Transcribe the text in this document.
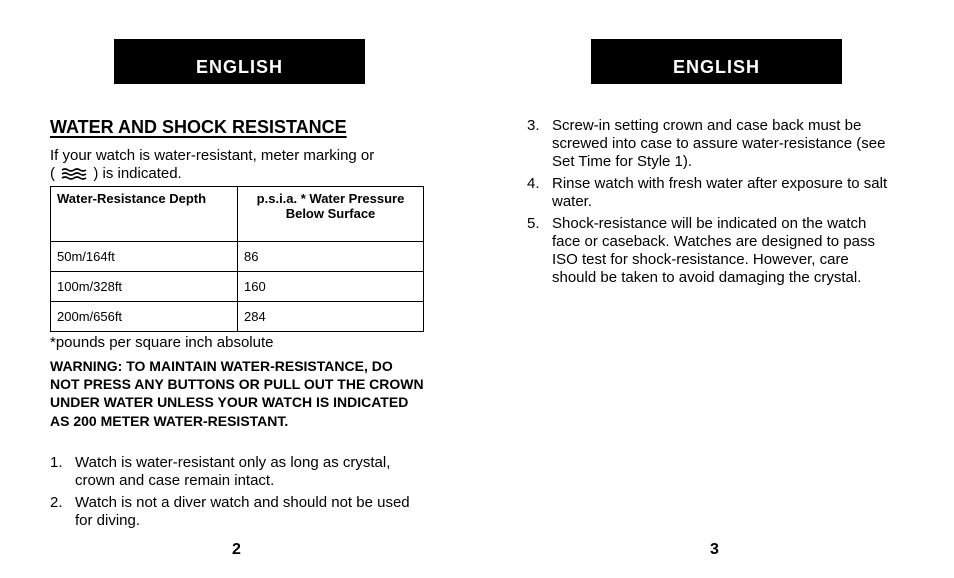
ENGLISH
WATER AND SHOCK RESISTANCE
If your watch is water-resistant, meter marking or
(	) is indicated.
Water-Resistance Depth	p.s.i.a. * Water Pressure Below Surface
50m/164ft	86
100m/328ft	160
200m/656ft	284
*pounds per square inch absolute
WARNING: TO MAINTAIN WATER-RESISTANCE, DO NOT PRESS ANY BUTTONS OR PULL OUT THE CROWN UNDER WATER UNLESS YOUR WATCH IS INDICATED AS 200 METER WATER-RESISTANT.
1. Watch is water-resistant only as long as crystal, crown and case remain intact.
2. Watch is not a diver watch and should not be used for diving.
2
ENGLISH
3. Screw-in setting crown and case back must be screwed into case to assure water-resistance (see Set Time for Style 1).
4. Rinse watch with fresh water after exposure to salt water.
5. Shock-resistance will be indicated on the watch face or caseback. Watches are designed to pass ISO test for shock-resistance. However, care should be taken to avoid damaging the crystal.
3
